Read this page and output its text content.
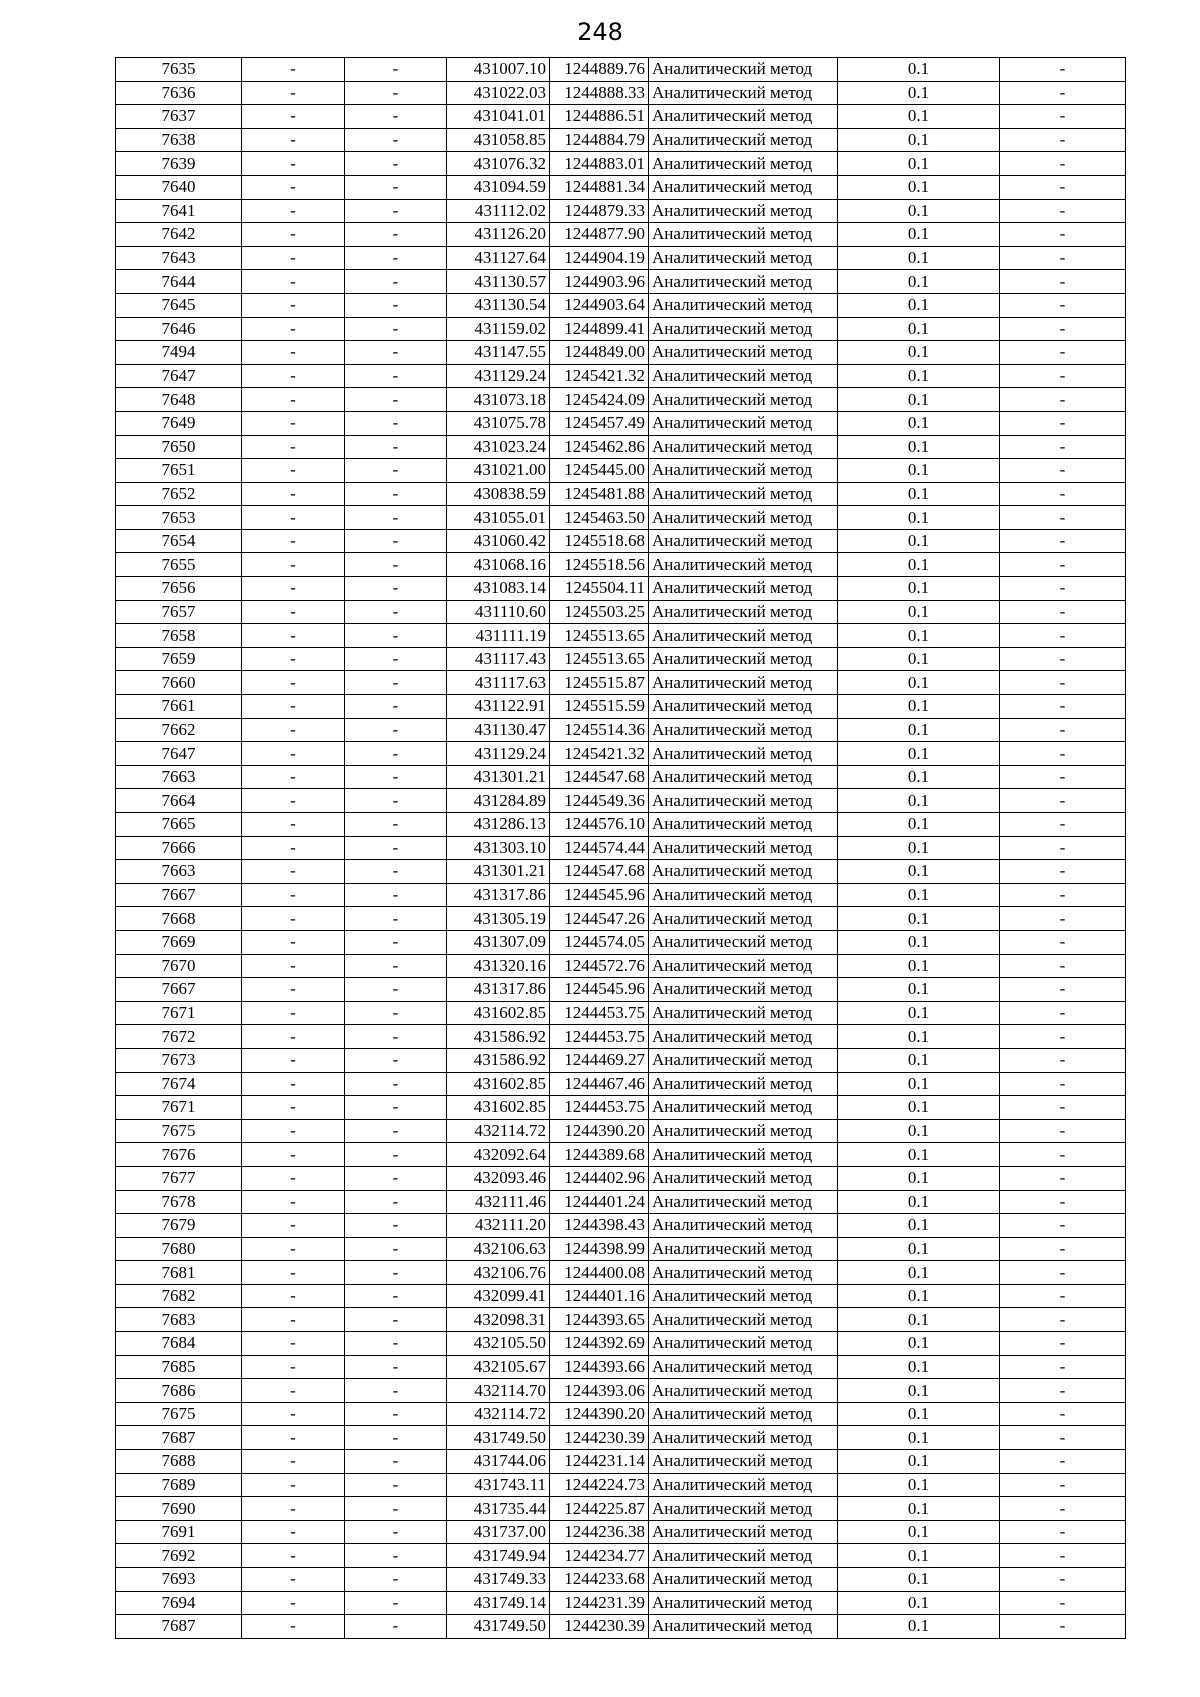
248
7635	-	-	431007.10	1244889.76	Аналитический метод	0.1	-
7636	-	-	431022.03	1244888.33	Аналитический метод	0.1	-
7637	-	-	431041.01	1244886.51	Аналитический метод	0.1	-
7638	-	-	431058.85	1244884.79	Аналитический метод	0.1	-
7639	-	-	431076.32	1244883.01	Аналитический метод	0.1	-
7640	-	-	431094.59	1244881.34	Аналитический метод	0.1	-
7641	-	-	431112.02	1244879.33	Аналитический метод	0.1	-
7642	-	-	431126.20	1244877.90	Аналитический метод	0.1	-
7643	-	-	431127.64	1244904.19	Аналитический метод	0.1	-
7644	-	-	431130.57	1244903.96	Аналитический метод	0.1	-
7645	-	-	431130.54	1244903.64	Аналитический метод	0.1	-
7646	-	-	431159.02	1244899.41	Аналитический метод	0.1	-
7494	-	-	431147.55	1244849.00	Аналитический метод	0.1	-
7647	-	-	431129.24	1245421.32	Аналитический метод	0.1	-
7648	-	-	431073.18	1245424.09	Аналитический метод	0.1	-
7649	-	-	431075.78	1245457.49	Аналитический метод	0.1	-
7650	-	-	431023.24	1245462.86	Аналитический метод	0.1	-
7651	-	-	431021.00	1245445.00	Аналитический метод	0.1	-
7652	-	-	430838.59	1245481.88	Аналитический метод	0.1	-
7653	-	-	431055.01	1245463.50	Аналитический метод	0.1	-
7654	-	-	431060.42	1245518.68	Аналитический метод	0.1	-
7655	-	-	431068.16	1245518.56	Аналитический метод	0.1	-
7656	-	-	431083.14	1245504.11	Аналитический метод	0.1	-
7657	-	-	431110.60	1245503.25	Аналитический метод	0.1	-
7658	-	-	431111.19	1245513.65	Аналитический метод	0.1	-
7659	-	-	431117.43	1245513.65	Аналитический метод	0.1	-
7660	-	-	431117.63	1245515.87	Аналитический метод	0.1	-
7661	-	-	431122.91	1245515.59	Аналитический метод	0.1	-
7662	-	-	431130.47	1245514.36	Аналитический метод	0.1	-
7647	-	-	431129.24	1245421.32	Аналитический метод	0.1	-
7663	-	-	431301.21	1244547.68	Аналитический метод	0.1	-
7664	-	-	431284.89	1244549.36	Аналитический метод	0.1	-
7665	-	-	431286.13	1244576.10	Аналитический метод	0.1	-
7666	-	-	431303.10	1244574.44	Аналитический метод	0.1	-
7663	-	-	431301.21	1244547.68	Аналитический метод	0.1	-
7667	-	-	431317.86	1244545.96	Аналитический метод	0.1	-
7668	-	-	431305.19	1244547.26	Аналитический метод	0.1	-
7669	-	-	431307.09	1244574.05	Аналитический метод	0.1	-
7670	-	-	431320.16	1244572.76	Аналитический метод	0.1	-
7667	-	-	431317.86	1244545.96	Аналитический метод	0.1	-
7671	-	-	431602.85	1244453.75	Аналитический метод	0.1	-
7672	-	-	431586.92	1244453.75	Аналитический метод	0.1	-
7673	-	-	431586.92	1244469.27	Аналитический метод	0.1	-
7674	-	-	431602.85	1244467.46	Аналитический метод	0.1	-
7671	-	-	431602.85	1244453.75	Аналитический метод	0.1	-
7675	-	-	432114.72	1244390.20	Аналитический метод	0.1	-
7676	-	-	432092.64	1244389.68	Аналитический метод	0.1	-
7677	-	-	432093.46	1244402.96	Аналитический метод	0.1	-
7678	-	-	432111.46	1244401.24	Аналитический метод	0.1	-
7679	-	-	432111.20	1244398.43	Аналитический метод	0.1	-
7680	-	-	432106.63	1244398.99	Аналитический метод	0.1	-
7681	-	-	432106.76	1244400.08	Аналитический метод	0.1	-
7682	-	-	432099.41	1244401.16	Аналитический метод	0.1	-
7683	-	-	432098.31	1244393.65	Аналитический метод	0.1	-
7684	-	-	432105.50	1244392.69	Аналитический метод	0.1	-
7685	-	-	432105.67	1244393.66	Аналитический метод	0.1	-
7686	-	-	432114.70	1244393.06	Аналитический метод	0.1	-
7675	-	-	432114.72	1244390.20	Аналитический метод	0.1	-
7687	-	-	431749.50	1244230.39	Аналитический метод	0.1	-
7688	-	-	431744.06	1244231.14	Аналитический метод	0.1	-
7689	-	-	431743.11	1244224.73	Аналитический метод	0.1	-
7690	-	-	431735.44	1244225.87	Аналитический метод	0.1	-
7691	-	-	431737.00	1244236.38	Аналитический метод	0.1	-
7692	-	-	431749.94	1244234.77	Аналитический метод	0.1	-
7693	-	-	431749.33	1244233.68	Аналитический метод	0.1	-
7694	-	-	431749.14	1244231.39	Аналитический метод	0.1	-
7687	-	-	431749.50	1244230.39	Аналитический метод	0.1	-
